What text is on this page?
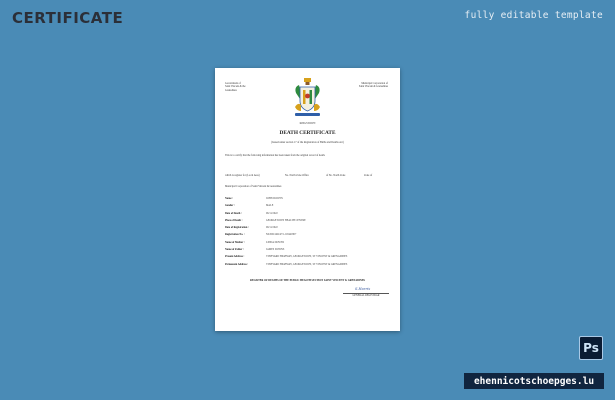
CERTIFICATE	fully editable template
Government of
Saint Vincent & the
Grenadines
Municipal Corporation of
Saint Vincent & Grenadines
KINGSTOWN
DEATH CERTIFICATE
(Issued under section 17 of the Registration of Births and Deaths Act)
This is to certify that the following information has been taken from the original record of death.
which is register for (Local Area)	No. North Zone Office	of No. North Zone	Zone of
Municipal Corporation of Saint Vincent & Grenadines
Name :	JOHN DOWNS
Gender :	MALE
Date of Death :	06/11/2022
Place of Death :	GEORGETOWN HEALTH CENTRE
Date of Registration :	09/11/2022
Registration No. :	NZ/DD/-RR/47/1-0/0440307
Name of Mother :	LINDA DOWNS
Name of Father :	JAMES DOWNS
Present Address :	VINEYARD HIGHWAY, GEORGETOWN, ST VINCENT & GRENADINES
Permanent Address :	VINEYARD HIGHWAY, GEORGETOWN, ST VINCENT & GRENADINES
REGISTER OF DEATHS OF THE PUBLIC HEALTH SECTION SAINT VINCENT & GRENADINES
S.Harris
GENERAL REGISTRAR
Ps
ehennicotschoepges.lu
